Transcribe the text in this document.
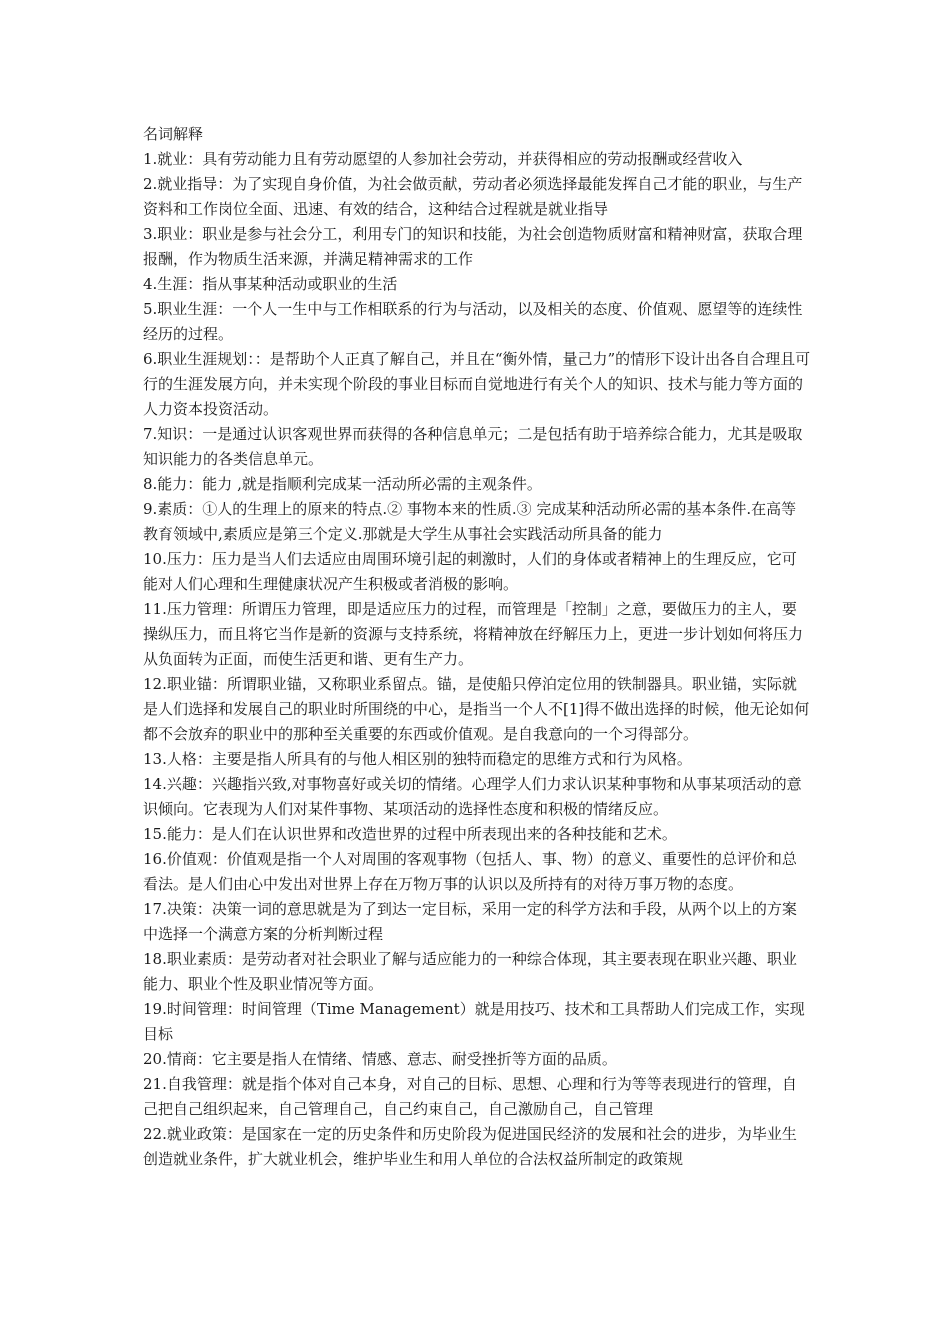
名词解释

1.就业：具有劳动能力且有劳动愿望的人参加社会劳动，并获得相应的劳动报酬或经营收入

2.就业指导：为了实现自身价值，为社会做贡献，劳动者必须选择最能发挥自己才能的职业，与生产资料和工作岗位全面、迅速、有效的结合，这种结合过程就是就业指导

3.职业：职业是参与社会分工，利用专门的知识和技能，为社会创造物质财富和精神财富，获取合理报酬，作为物质生活来源，并满足精神需求的工作

4.生涯：指从事某种活动或职业的生活

5.职业生涯：一个人一生中与工作相联系的行为与活动，以及相关的态度、价值观、愿望等的连续性经历的过程。

6.职业生涯规划：：是帮助个人正真了解自己，并且在“衡外情，量己力”的情形下设计出各自合理且可行的生涯发展方向，并未实现个阶段的事业目标而自觉地进行有关个人的知识、技术与能力等方面的人力资本投资活动。

7.知识：一是通过认识客观世界而获得的各种信息单元；二是包括有助于培养综合能力，尤其是吸取知识能力的各类信息单元。

8.能力：能力 ,就是指顺利完成某一活动所必需的主观条件。

9.素质：①人的生理上的原来的特点.② 事物本来的性质.③ 完成某种活动所必需的基本条件.在高等教育领域中,素质应是第三个定义.那就是大学生从事社会实践活动所具备的能力

10.压力：压力是当人们去适应由周围环境引起的刺激时，人们的身体或者精神上的生理反应，它可能对人们心理和生理健康状况产生积极或者消极的影响。

11.压力管理：所谓压力管理，即是适应压力的过程，而管理是「控制」之意，要做压力的主人，要操纵压力，而且将它当作是新的资源与支持系统，将精神放在纾解压力上，更进一步计划如何将压力从负面转为正面，而使生活更和谐、更有生产力。

12.职业锚：所谓职业锚，又称职业系留点。锚，是使船只停泊定位用的铁制器具。职业锚，实际就是人们选择和发展自己的职业时所围绕的中心，是指当一个人不[1]得不做出选择的时候，他无论如何都不会放弃的职业中的那种至关重要的东西或价值观。是自我意向的一个习得部分。

13.人格：主要是指人所具有的与他人相区别的独特而稳定的思维方式和行为风格。

14.兴趣：兴趣指兴致,对事物喜好或关切的情绪。心理学人们力求认识某种事物和从事某项活动的意识倾向。它表现为人们对某件事物、某项活动的选择性态度和积极的情绪反应。

15.能力：是人们在认识世界和改造世界的过程中所表现出来的各种技能和艺术。

16.价值观：价值观是指一个人对周围的客观事物（包括人、事、物）的意义、重要性的总评价和总看法。是人们由心中发出对世界上存在万物万事的认识以及所持有的对待万事万物的态度。

17.决策：决策一词的意思就是为了到达一定目标，采用一定的科学方法和手段，从两个以上的方案中选择一个满意方案的分析判断过程

18.职业素质：是劳动者对社会职业了解与适应能力的一种综合体现，其主要表现在职业兴趣、职业能力、职业个性及职业情况等方面。

19.时间管理：时间管理（Time Management）就是用技巧、技术和工具帮助人们完成工作，实现目标

20.情商：它主要是指人在情绪、情感、意志、耐受挫折等方面的品质。

21.自我管理：就是指个体对自己本身，对自己的目标、思想、心理和行为等等表现进行的管理，自己把自己组织起来，自己管理自己，自己约束自己，自己激励自己，自己管理

22.就业政策：是国家在一定的历史条件和历史阶段为促进国民经济的发展和社会的进步，为毕业生创造就业条件，扩大就业机会，维护毕业生和用人单位的合法权益所制定的政策规
